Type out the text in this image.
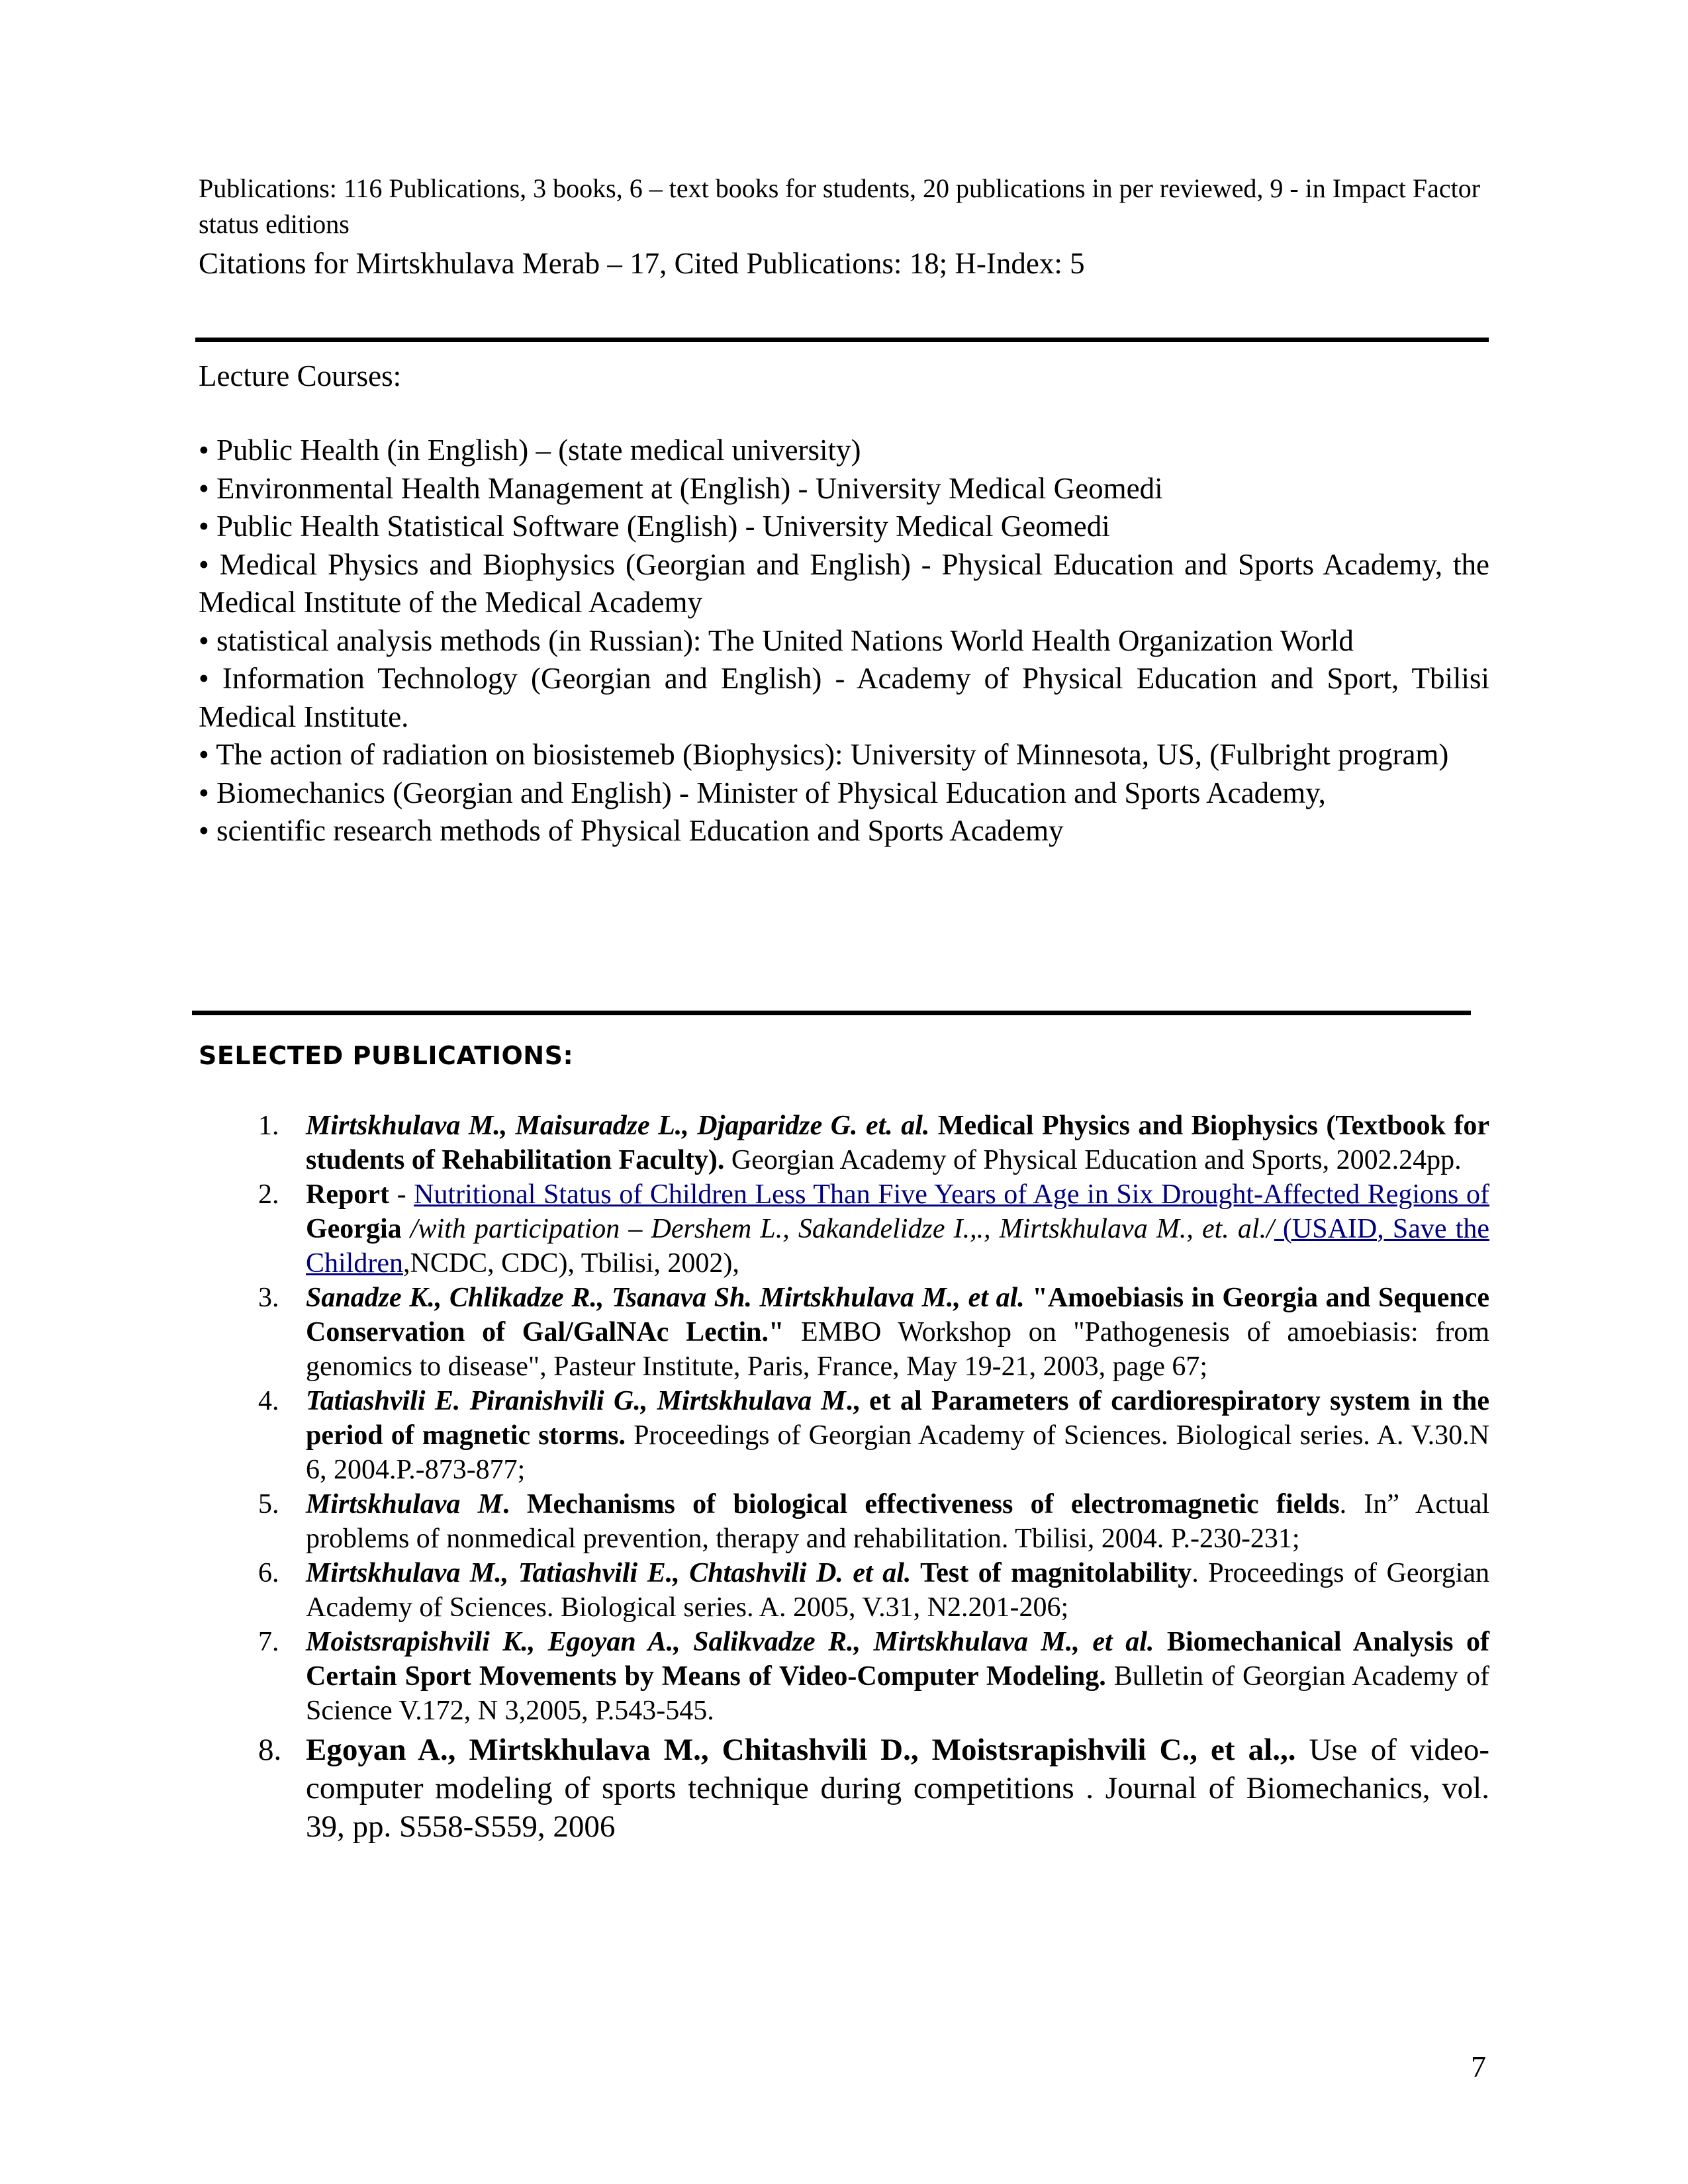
Publications: 116 Publications, 3 books, 6 – text books for students, 20 publications in per reviewed, 9 - in Impact Factor status editions
Citations for Mirtskhulava Merab – 17, Cited Publications: 18; H-Index: 5
Lecture Courses:

• Public Health (in English) – (state medical university)

• Environmental Health Management at (English) - University Medical Geomedi

• Public Health Statistical Software (English) - University Medical Geomedi

• Medical Physics and Biophysics (Georgian and English) - Physical Education and Sports Academy, the Medical Institute of the Medical Academy

• statistical analysis methods (in Russian): The United Nations World Health Organization World

• Information Technology (Georgian and English) - Academy of Physical Education and Sport, Tbilisi Medical Institute.

• The action of radiation on biosistemeb (Biophysics): University of Minnesota, US, (Fulbright program)

• Biomechanics (Georgian and English) - Minister of Physical Education and Sports Academy,

• scientific research methods of Physical Education and Sports Academy

SELECTED PUBLICATIONS:
1. Mirtskhulava M., Maisuradze L., Djaparidze G. et. al. Medical Physics and Biophysics (Textbook for students of Rehabilitation Faculty). Georgian Academy of Physical Education and Sports, 2002.24pp.
2. Report - Nutritional Status of Children Less Than Five Years of Age in Six Drought-Affected Regions of Georgia /with participation – Dershem L., Sakandelidze I.,., Mirtskhulava M., et. al./ (USAID, Save the Children,NCDC, CDC), Tbilisi, 2002),
3. Sanadze K., Chlikadze R., Tsanava Sh. Mirtskhulava M., et al. "Amoebiasis in Georgia and Sequence Conservation of Gal/GalNAc Lectin." EMBO Workshop on "Pathogenesis of amoebiasis: from genomics to disease", Pasteur Institute, Paris, France, May 19-21, 2003, page 67;
4. Tatiashvili E. Piranishvili G., Mirtskhulava M., et al Parameters of cardiorespiratory system in the period of magnetic storms. Proceedings of Georgian Academy of Sciences. Biological series. A. V.30.N 6, 2004.P.-873-877;
5. Mirtskhulava M. Mechanisms of biological effectiveness of electromagnetic fields. In” Actual problems of nonmedical prevention, therapy and rehabilitation. Tbilisi, 2004. P.-230-231;
6. Mirtskhulava M., Tatiashvili E., Chtashvili D. et al. Test of magnitolability. Proceedings of Georgian Academy of Sciences. Biological series. A. 2005, V.31, N2.201-206;
7. Moistsrapishvili K., Egoyan A., Salikvadze R., Mirtskhulava M., et al. Biomechanical Analysis of Certain Sport Movements by Means of Video-Computer Modeling. Bulletin of Georgian Academy of Science V.172, N 3,2005, P.543-545.
8. Egoyan A., Mirtskhulava M., Chitashvili D., Moistsrapishvili C., et al.,. Use of video-computer modeling of sports technique during competitions . Journal of Biomechanics, vol. 39, pp. S558-S559, 2006
7
